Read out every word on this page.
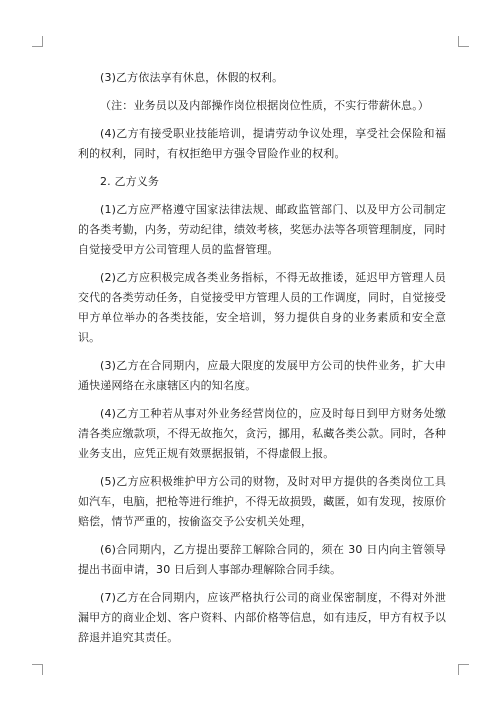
(3)乙方依法享有休息，休假的权利。

（注：业务员以及内部操作岗位根据岗位性质，不实行带薪休息。）

(4)乙方有接受职业技能培训，提请劳动争议处理，享受社会保险和福利的权利，同时，有权拒绝甲方强令冒险作业的权利。

2. 乙方义务

(1)乙方应严格遵守国家法律法规、邮政监管部门、以及甲方公司制定的各类考勤，内务，劳动纪律，绩效考核，奖惩办法等各项管理制度，同时自觉接受甲方公司管理人员的监督管理。

(2)乙方应积极完成各类业务指标，不得无故推诿，延迟甲方管理人员交代的各类劳动任务，自觉接受甲方管理人员的工作调度，同时，自觉接受甲方单位举办的各类技能，安全培训，努力提供自身的业务素质和安全意识。

(3)乙方在合同期内，应最大限度的发展甲方公司的快件业务，扩大申通快递网络在永康辖区内的知名度。

(4)乙方工种若从事对外业务经营岗位的，应及时每日到甲方财务处缴清各类应缴款项，不得无故拖欠，贪污，挪用，私藏各类公款。同时，各种业务支出，应凭正规有效票据报销，不得虚假上报。

(5)乙方应积极维护甲方公司的财物，及时对甲方提供的各类岗位工具如汽车，电脑，把枪等进行维护，不得无故损毁，藏匿，如有发现，按原价赔偿，情节严重的，按偷盗交予公安机关处理，

(6)合同期内，乙方提出要辞工解除合同的，须在 30 日内向主管领导提出书面申请，30 日后到人事部办理解除合同手续。

(7)乙方在合同期内，应该严格执行公司的商业保密制度，不得对外泄漏甲方的商业企划、客户资料、内部价格等信息，如有违反，甲方有权予以辞退并追究其责任。
